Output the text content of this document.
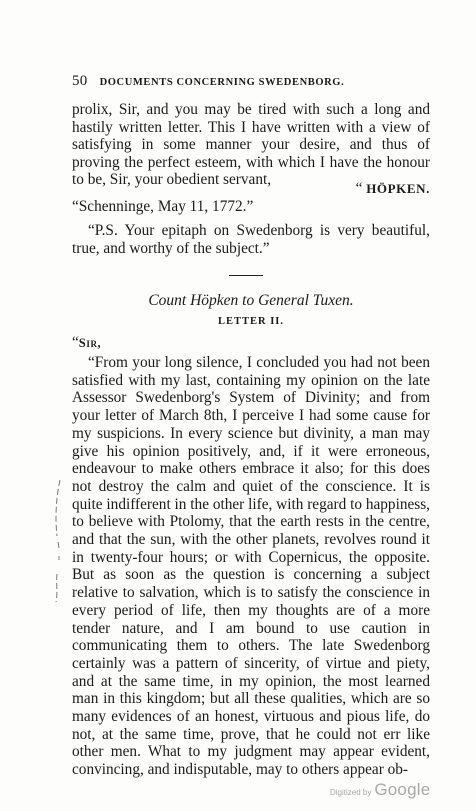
50 DOCUMENTS CONCERNING SWEDENBORG.
prolix, Sir, and you may be tired with such a long and hastily written letter. This I have written with a view of satisfying in some manner your desire, and thus of proving the perfect esteem, with which I have the honour to be, Sir, your obedient servant,
“ HÖPKEN.
“Schenninge, May 11, 1772.”
“P.S. Your epitaph on Swedenborg is very beautiful, true, and worthy of the subject.”
Count Höpken to General Tuxen.
LETTER II.
“Sir,
“From your long silence, I concluded you had not been satisfied with my last, containing my opinion on the late Assessor Swedenborg's System of Divinity; and from your letter of March 8th, I perceive I had some cause for my suspicions. In every science but divinity, a man may give his opinion positively, and, if it were erroneous, endeavour to make others embrace it also; for this does not destroy the calm and quiet of the conscience. It is quite indifferent in the other life, with regard to happiness, to believe with Ptolomy, that the earth rests in the centre, and that the sun, with the other planets, revolves round it in twenty-four hours; or with Copernicus, the opposite. But as soon as the question is concerning a subject relative to salvation, which is to satisfy the conscience in every period of life, then my thoughts are of a more tender nature, and I am bound to use caution in communicating them to others. The late Swedenborg certainly was a pattern of sincerity, of virtue and piety, and at the same time, in my opinion, the most learned man in this kingdom; but all these qualities, which are so many evidences of an honest, virtuous and pious life, do not, at the same time, prove, that he could not err like other men. What to my judgment may appear evident, convincing, and indisputable, may to others appear ob-
Digitized by Google
